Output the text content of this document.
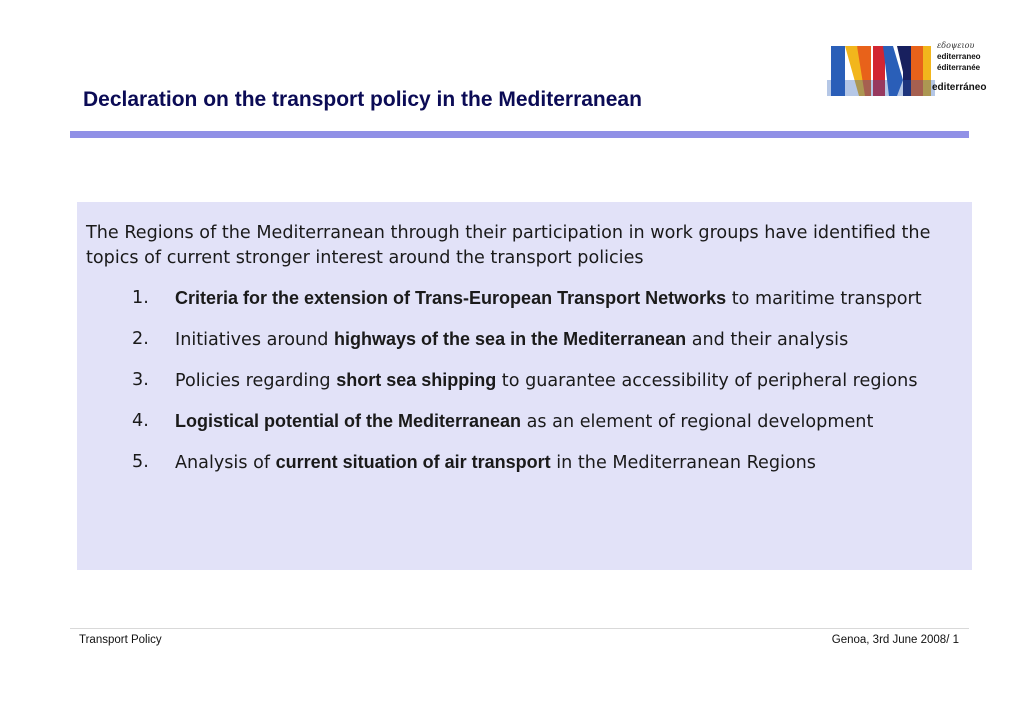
Declaration on the transport policy in the Mediterranean
εδοψειου
editerraneo
éditerranée
editerráneo

The Regions of the Mediterranean through their participation in work groups have identified the topics of current stronger interest around the transport policies

1. Criteria for the extension of Trans-European Transport Networks to maritime transport
2. Initiatives around highways of the sea in the Mediterranean and their analysis
3. Policies regarding short sea shipping to guarantee accessibility of peripheral regions
4. Logistical potential of the Mediterranean as an element of regional development
5. Analysis of current situation of air transport in the Mediterranean Regions
Transport Policy	Genoa, 3rd June 2008/ 1
